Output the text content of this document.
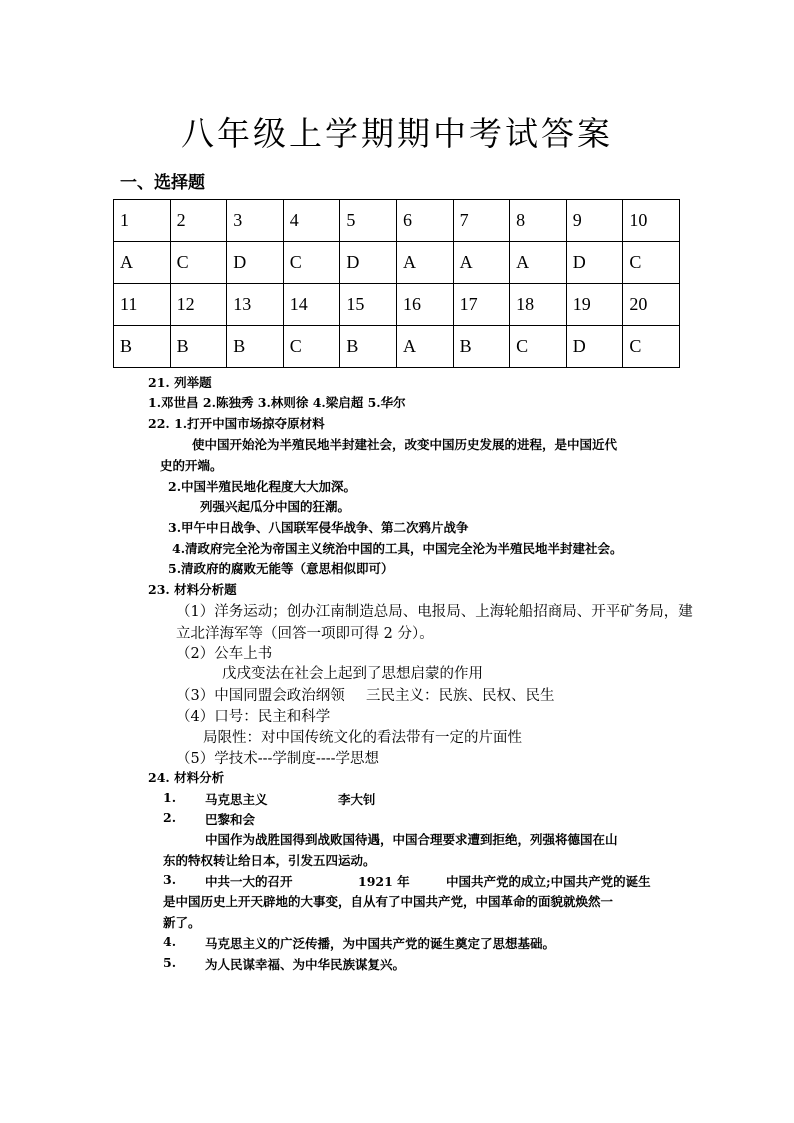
八年级上学期期中考试答案
一、选择题
1	2	3	4	5	6	7	8	9	10
A	C	D	C	D	A	A	A	D	C
11	12	13	14	15	16	17	18	19	20
B	B	B	C	B	A	B	C	D	C
21. 列举题
1.邓世昌 2.陈独秀 3.林则徐 4.梁启超 5.华尔
22. 1.打开中国市场掠夺原材料
使中国开始沦为半殖民地半封建社会，改变中国历史发展的进程，是中国近代
史的开端。
2.中国半殖民地化程度大大加深。
列强兴起瓜分中国的狂潮。
3.甲午中日战争、八国联军侵华战争、第二次鸦片战争
4.清政府完全沦为帝国主义统治中国的工具，中国完全沦为半殖民地半封建社会。
5.清政府的腐败无能等（意思相似即可）
23. 材料分析题
（1）洋务运动；创办江南制造总局、电报局、上海轮船招商局、开平矿务局，建
立北洋海军等（回答一项即可得 2 分）。
（2）公车上书
戊戌变法在社会上起到了思想启蒙的作用
（3）中国同盟会政治纲领 三民主义：民族、民权、民生
（4）口号：民主和科学
局限性：对中国传统文化的看法带有一定的片面性
（5）学技术---学制度----学思想
24. 材料分析
1. 马克思主义	李大钊
2. 巴黎和会
中国作为战胜国得到战败国待遇，中国合理要求遭到拒绝，列强将德国在山
东的特权转让给日本，引发五四运动。
3. 中共一大的召开	1921 年	中国共产党的成立;中国共产党的诞生
是中国历史上开天辟地的大事变，自从有了中国共产党，中国革命的面貌就焕然一
新了。
4. 马克思主义的广泛传播，为中国共产党的诞生奠定了思想基础。
5. 为人民谋幸福、为中华民族谋复兴。
